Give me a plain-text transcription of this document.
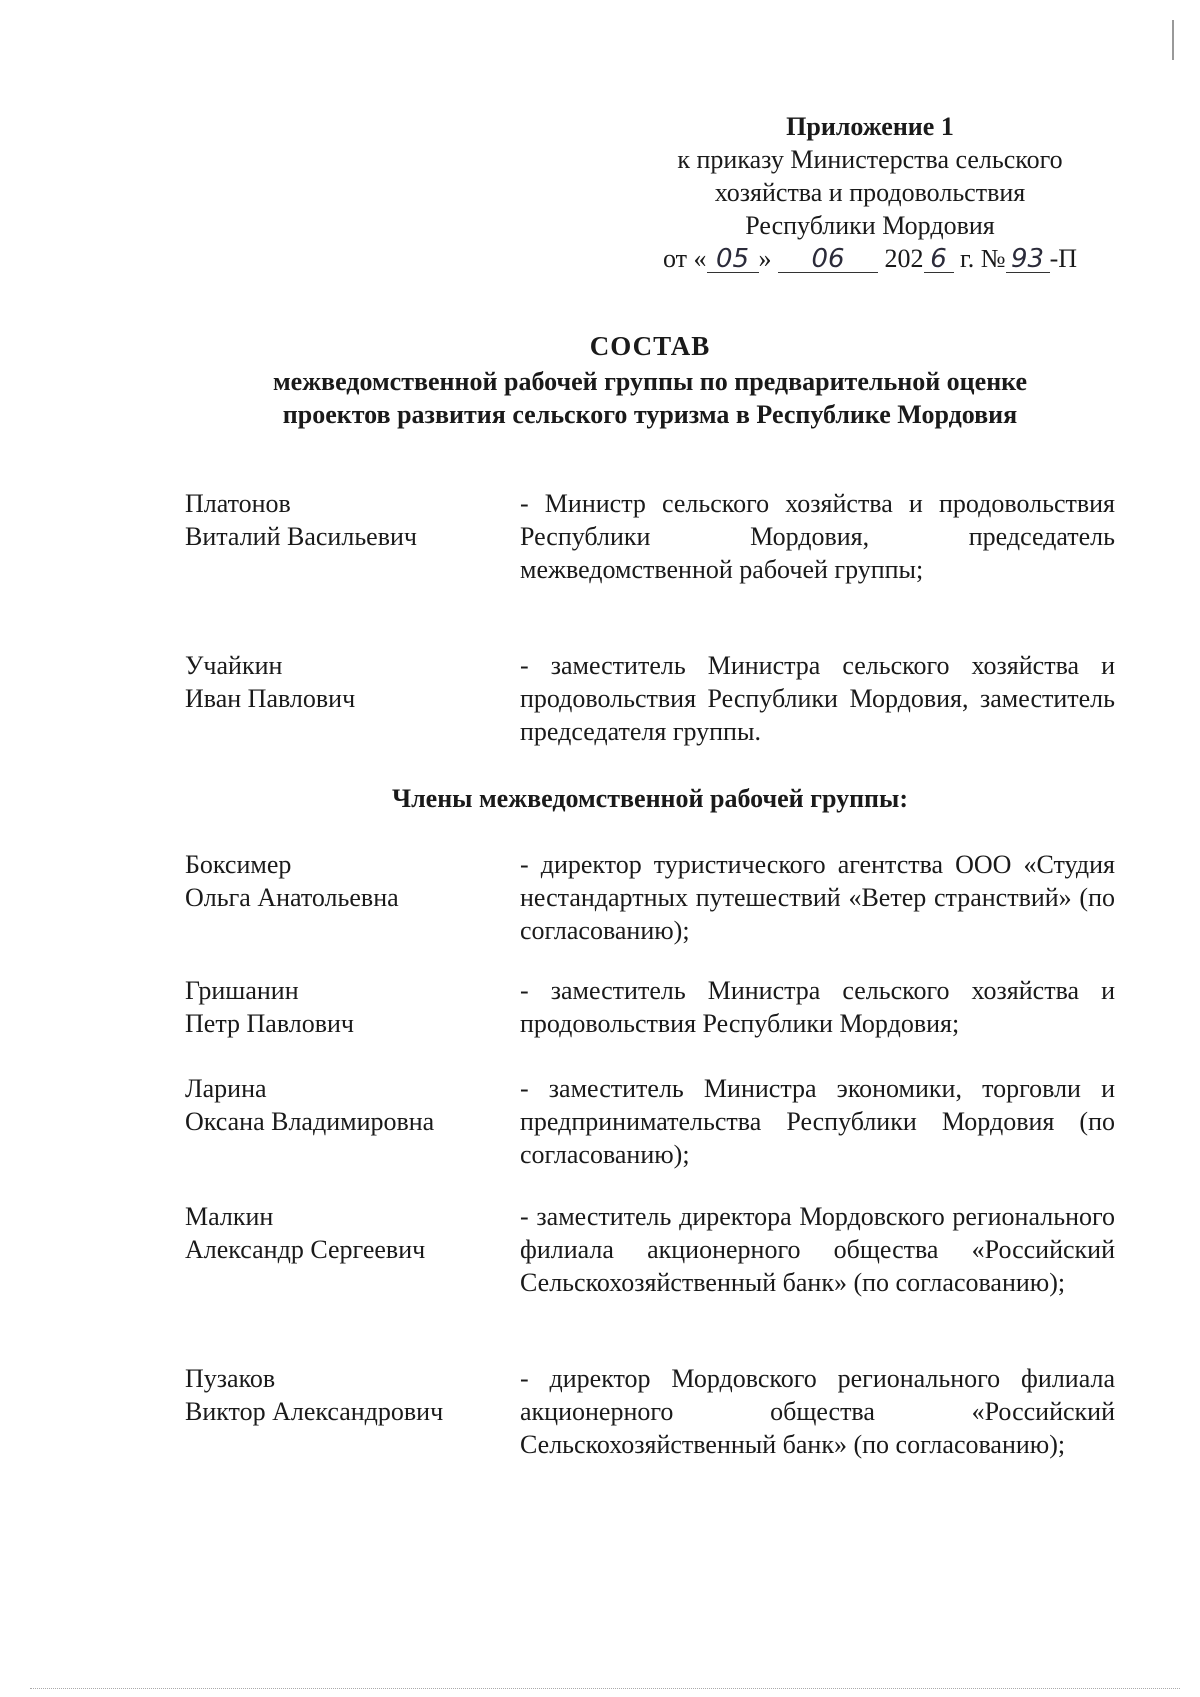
Приложение 1
к приказу Министерства сельского
хозяйства и продовольствия
Республики Мордовия
от « 05 » 06 202 6 г. № 93 -П
СОСТАВ
межведомственной рабочей группы по предварительной оценке
проектов развития сельского туризма в Республике Мордовия
Платонов
Виталий Васильевич
- Министр сельского хозяйства и продовольствия Республики Мордовия, председатель межведомственной рабочей группы;
Учайкин
Иван Павлович
- заместитель Министра сельского хозяйства и продовольствия Республики Мордовия, заместитель председателя группы.
Члены межведомственной рабочей группы:
Боксимер
Ольга Анатольевна
- директор туристического агентства ООО «Студия нестандартных путешествий «Ветер странствий» (по согласованию);
Гришанин
Петр Павлович
- заместитель Министра сельского хозяйства и продовольствия Республики Мордовия;
Ларина
Оксана Владимировна
- заместитель Министра экономики, торговли и предпринимательства Республики Мордовия (по согласованию);
Малкин
Александр Сергеевич
- заместитель директора Мордовского регионального филиала акционерного общества «Российский Сельскохозяйственный банк» (по согласованию);
Пузаков
Виктор Александрович
- директор Мордовского регионального филиала акционерного общества «Российский Сельскохозяйственный банк» (по согласованию);
